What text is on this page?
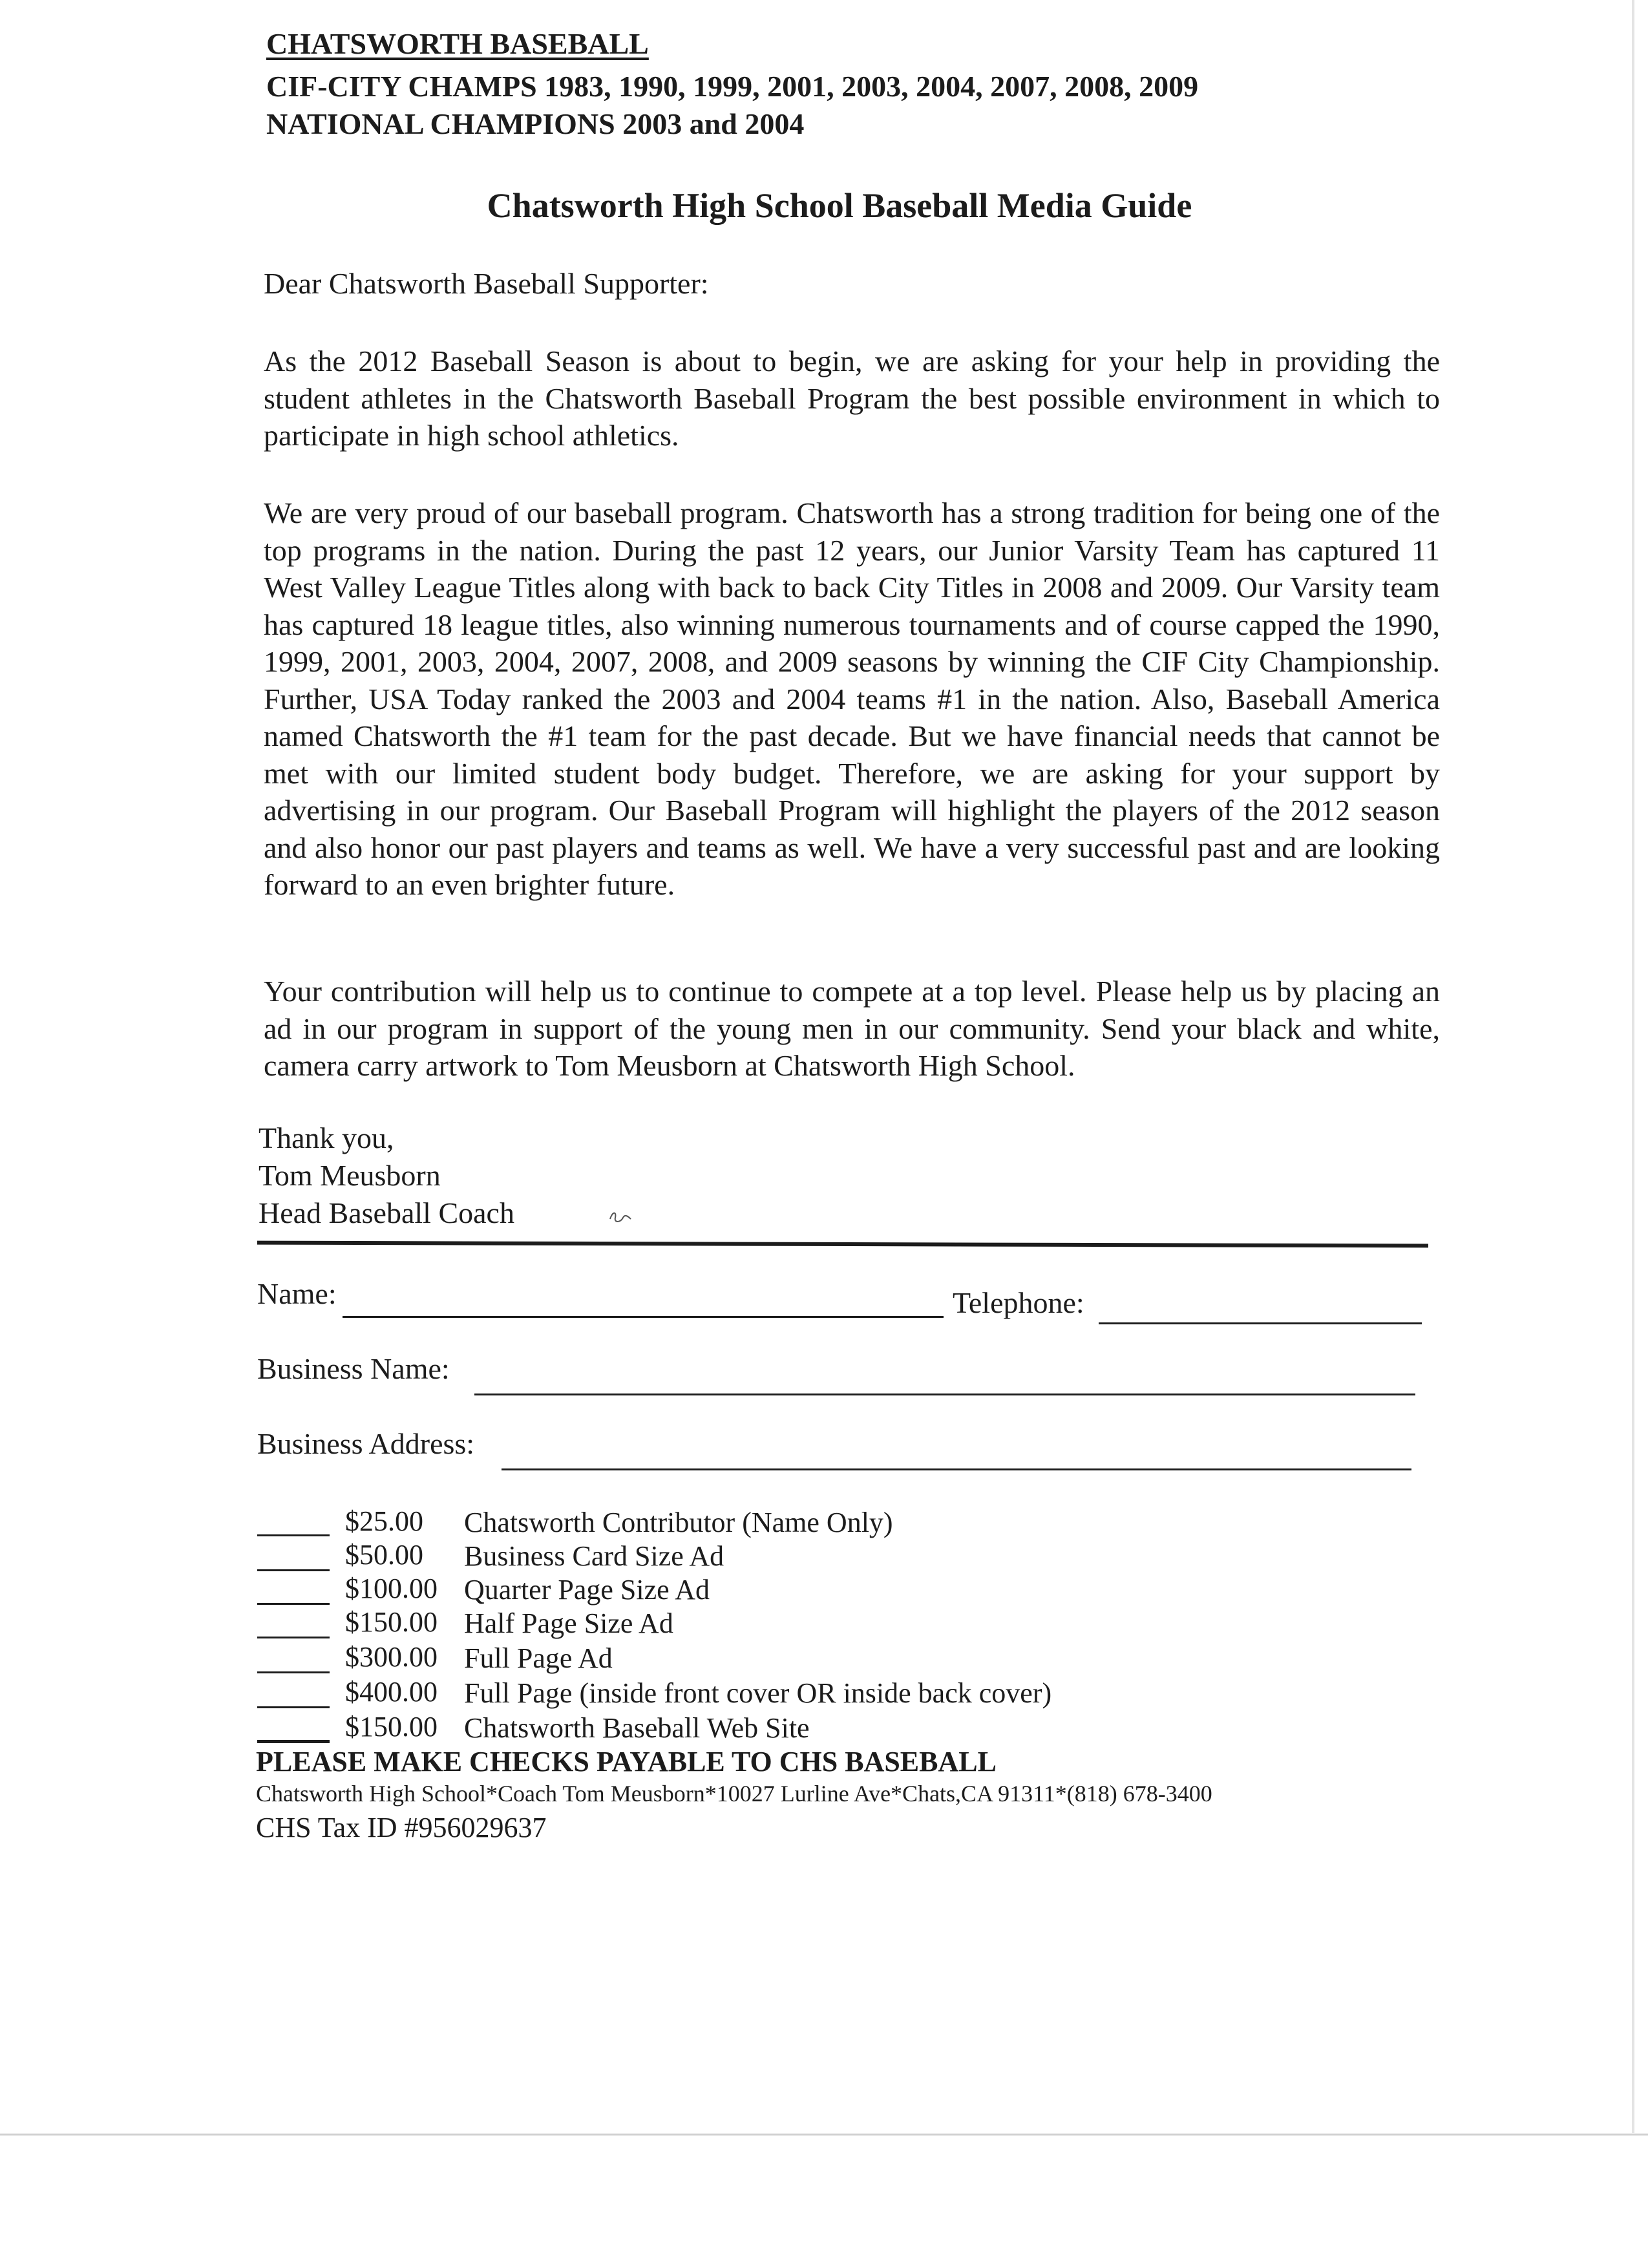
CHATSWORTH BASEBALL
CIF-CITY CHAMPS 1983, 1990, 1999, 2001, 2003, 2004, 2007, 2008, 2009
NATIONAL CHAMPIONS 2003 and 2004
Chatsworth High School Baseball Media Guide
Dear Chatsworth Baseball Supporter:
As the 2012 Baseball Season is about to begin, we are asking for your help in providing the student athletes in the Chatsworth Baseball Program the best possible environment in which to participate in high school athletics.
We are very proud of our baseball program. Chatsworth has a strong tradition for being one of the top programs in the nation. During the past 12 years, our Junior Varsity Team has captured 11 West Valley League Titles along with back to back City Titles in 2008 and 2009. Our Varsity team has captured 18 league titles, also winning numerous tournaments and of course capped the 1990, 1999, 2001, 2003, 2004, 2007, 2008, and 2009 seasons by winning the CIF City Championship. Further, USA Today ranked the 2003 and 2004 teams #1 in the nation. Also, Baseball America named Chatsworth the #1 team for the past decade. But we have financial needs that cannot be met with our limited student body budget. Therefore, we are asking for your support by advertising in our program. Our Baseball Program will highlight the players of the 2012 season and also honor our past players and teams as well. We have a very successful past and are looking forward to an even brighter future.
Your contribution will help us to continue to compete at a top level. Please help us by placing an ad in our program in support of the young men in our community. Send your black and white, camera carry artwork to Tom Meusborn at Chatsworth High School.
Thank you,
Tom Meusborn
Head Baseball Coach
Name:	Telephone:
Business Name:
Business Address:
$25.00 Chatsworth Contributor (Name Only)
$50.00 Business Card Size Ad
$100.00 Quarter Page Size Ad
$150.00 Half Page Size Ad
$300.00 Full Page Ad
$400.00 Full Page (inside front cover OR inside back cover)
$150.00 Chatsworth Baseball Web Site
PLEASE MAKE CHECKS PAYABLE TO CHS BASEBALL
Chatsworth High School*Coach Tom Meusborn*10027 Lurline Ave*Chats,CA 91311*(818) 678-3400
CHS Tax ID #956029637
